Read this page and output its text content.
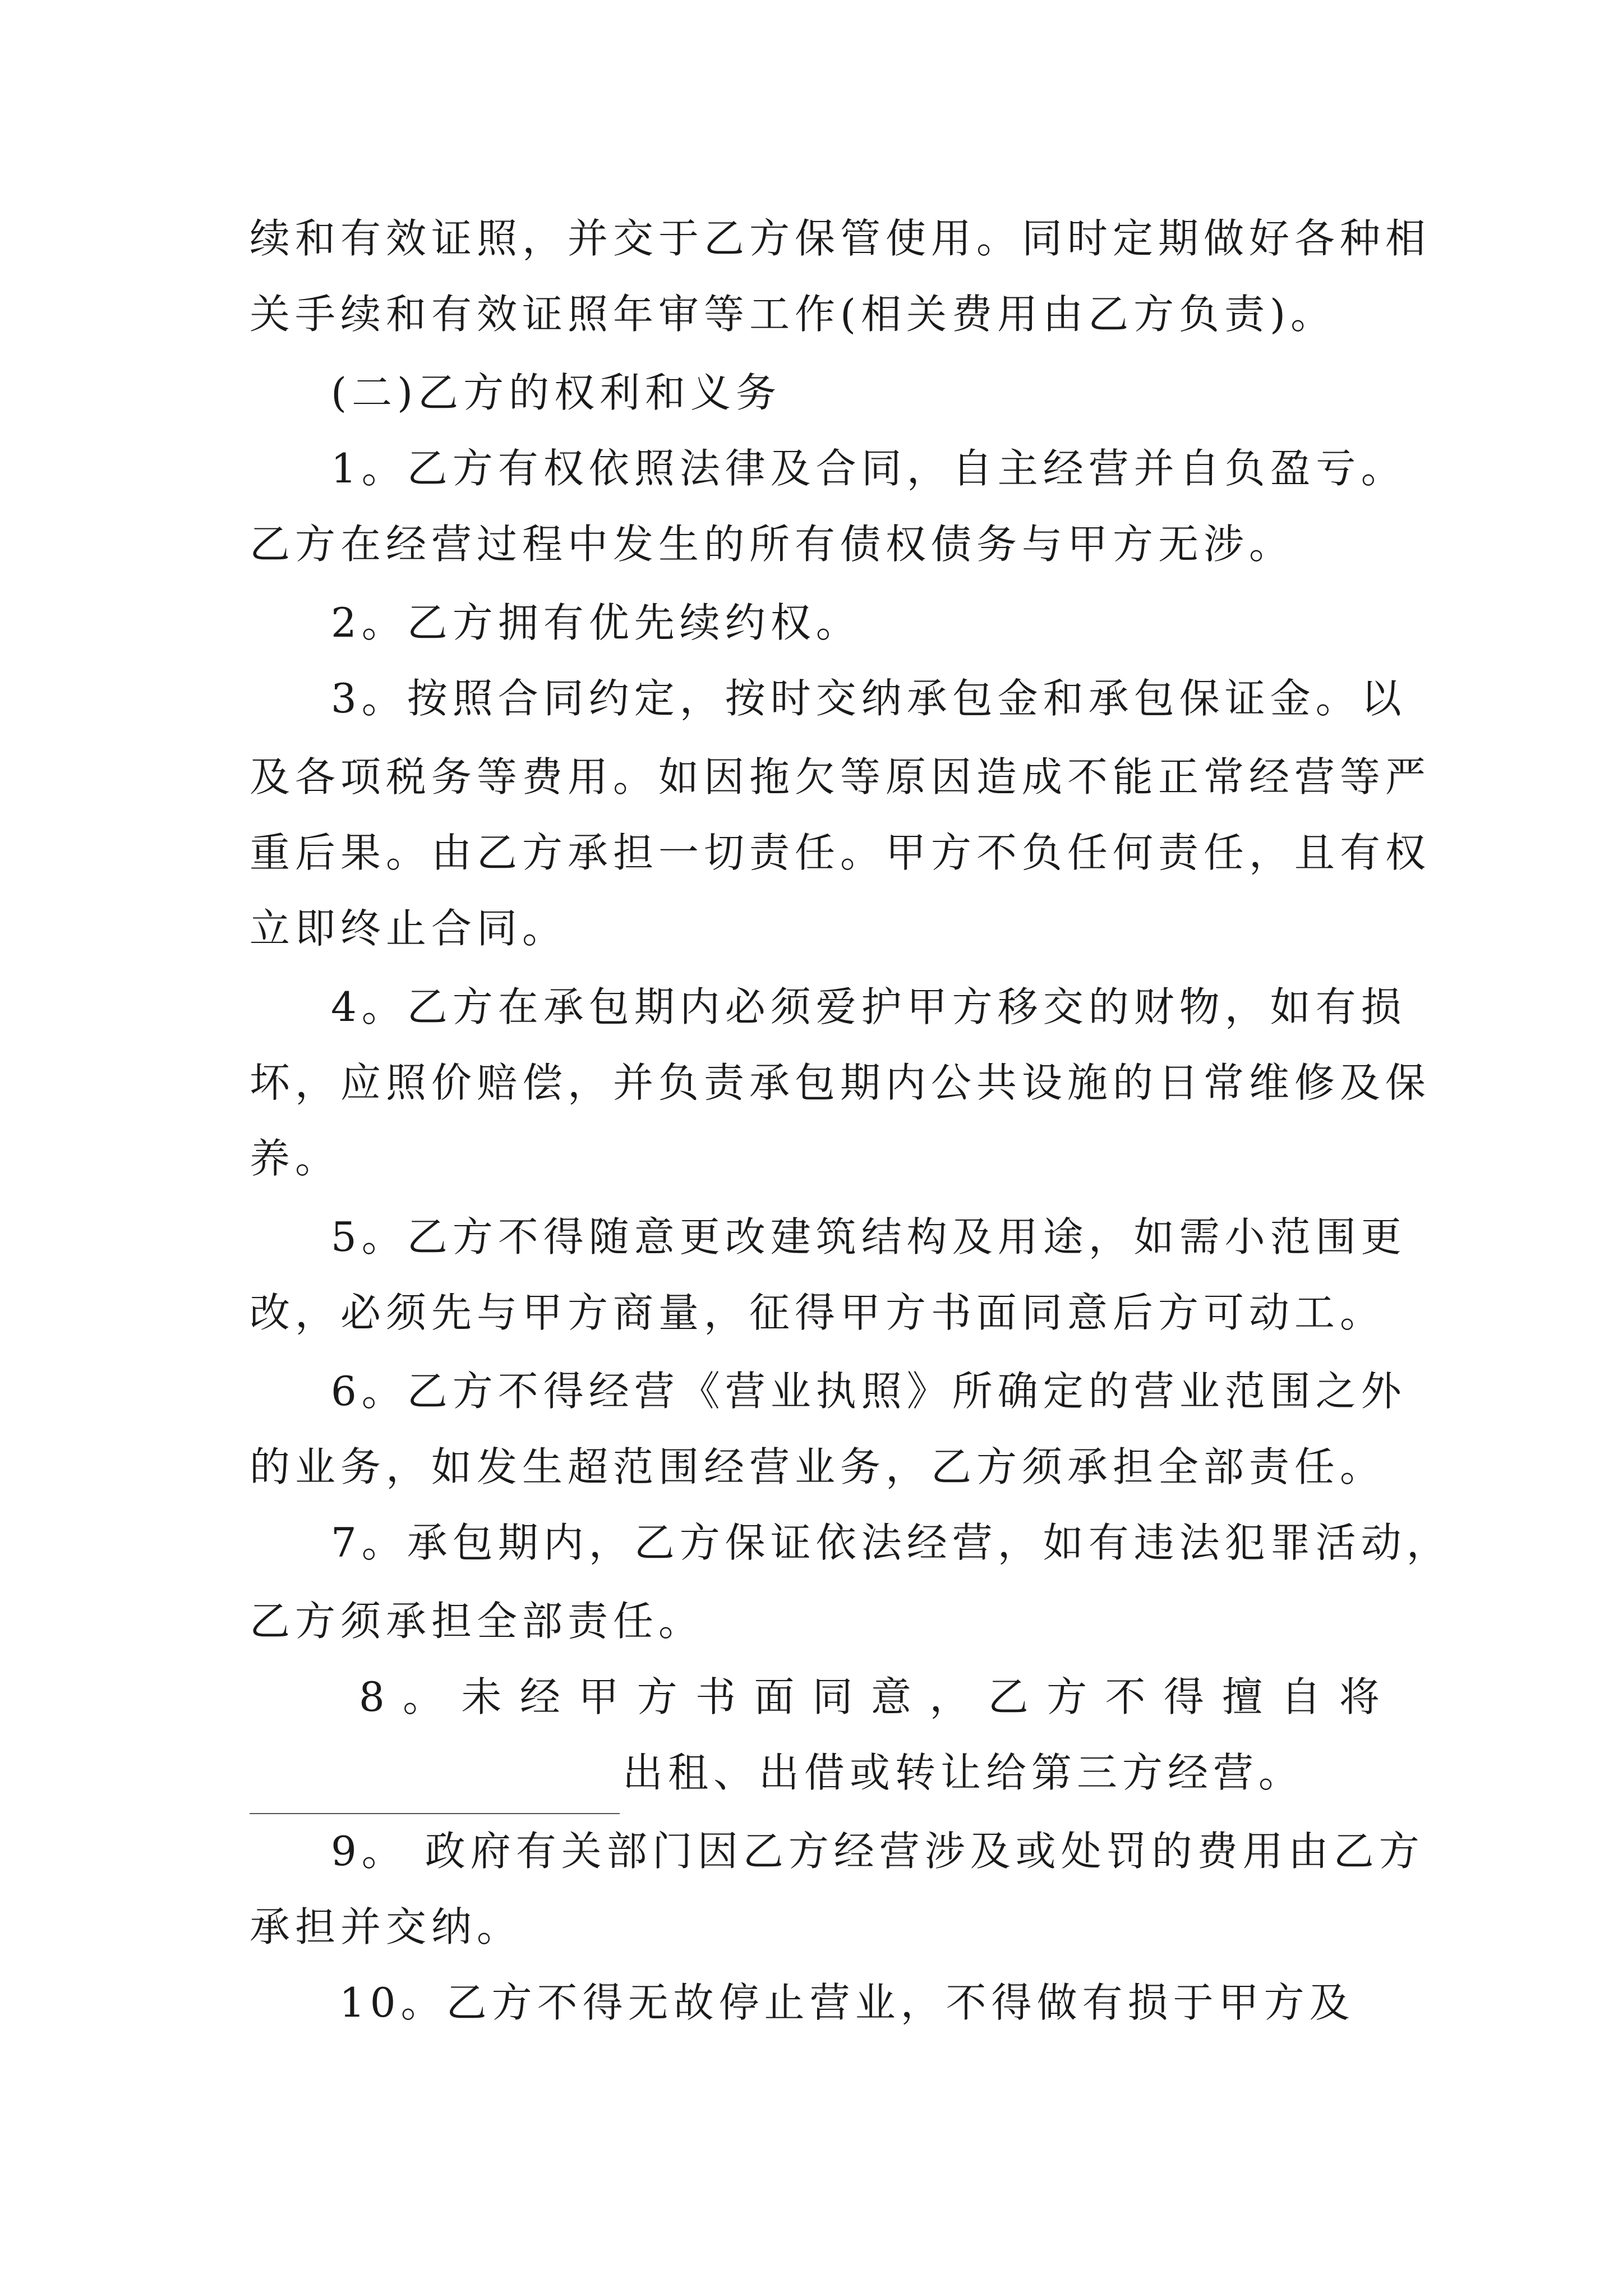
续和有效证照，并交于乙方保管使用。同时定期做好各种相
关手续和有效证照年审等工作(相关费用由乙方负责)。
(二)乙方的权利和义务
1。乙方有权依照法律及合同，自主经营并自负盈亏。
乙方在经营过程中发生的所有债权债务与甲方无涉。
2。乙方拥有优先续约权。
3。按照合同约定，按时交纳承包金和承包保证金。以
及各项税务等费用。如因拖欠等原因造成不能正常经营等严
重后果。由乙方承担一切责任。甲方不负任何责任，且有权
立即终止合同。
4。乙方在承包期内必须爱护甲方移交的财物，如有损
坏，应照价赔偿，并负责承包期内公共设施的日常维修及保
养。
5。乙方不得随意更改建筑结构及用途，如需小范围更
改，必须先与甲方商量，征得甲方书面同意后方可动工。
6。乙方不得经营《营业执照》所确定的营业范围之外
的业务，如发生超范围经营业务，乙方须承担全部责任。
7。承包期内，乙方保证依法经营，如有违法犯罪活动，
乙方须承担全部责任。
8 。 未 经 甲 方 书 面 同 意 ， 乙 方 不 得 擅 自 将
出租、出借或转让给第三方经营。
9。 政府有关部门因乙方经营涉及或处罚的费用由乙方
承担并交纳。
10。乙方不得无故停止营业，不得做有损于甲方及
